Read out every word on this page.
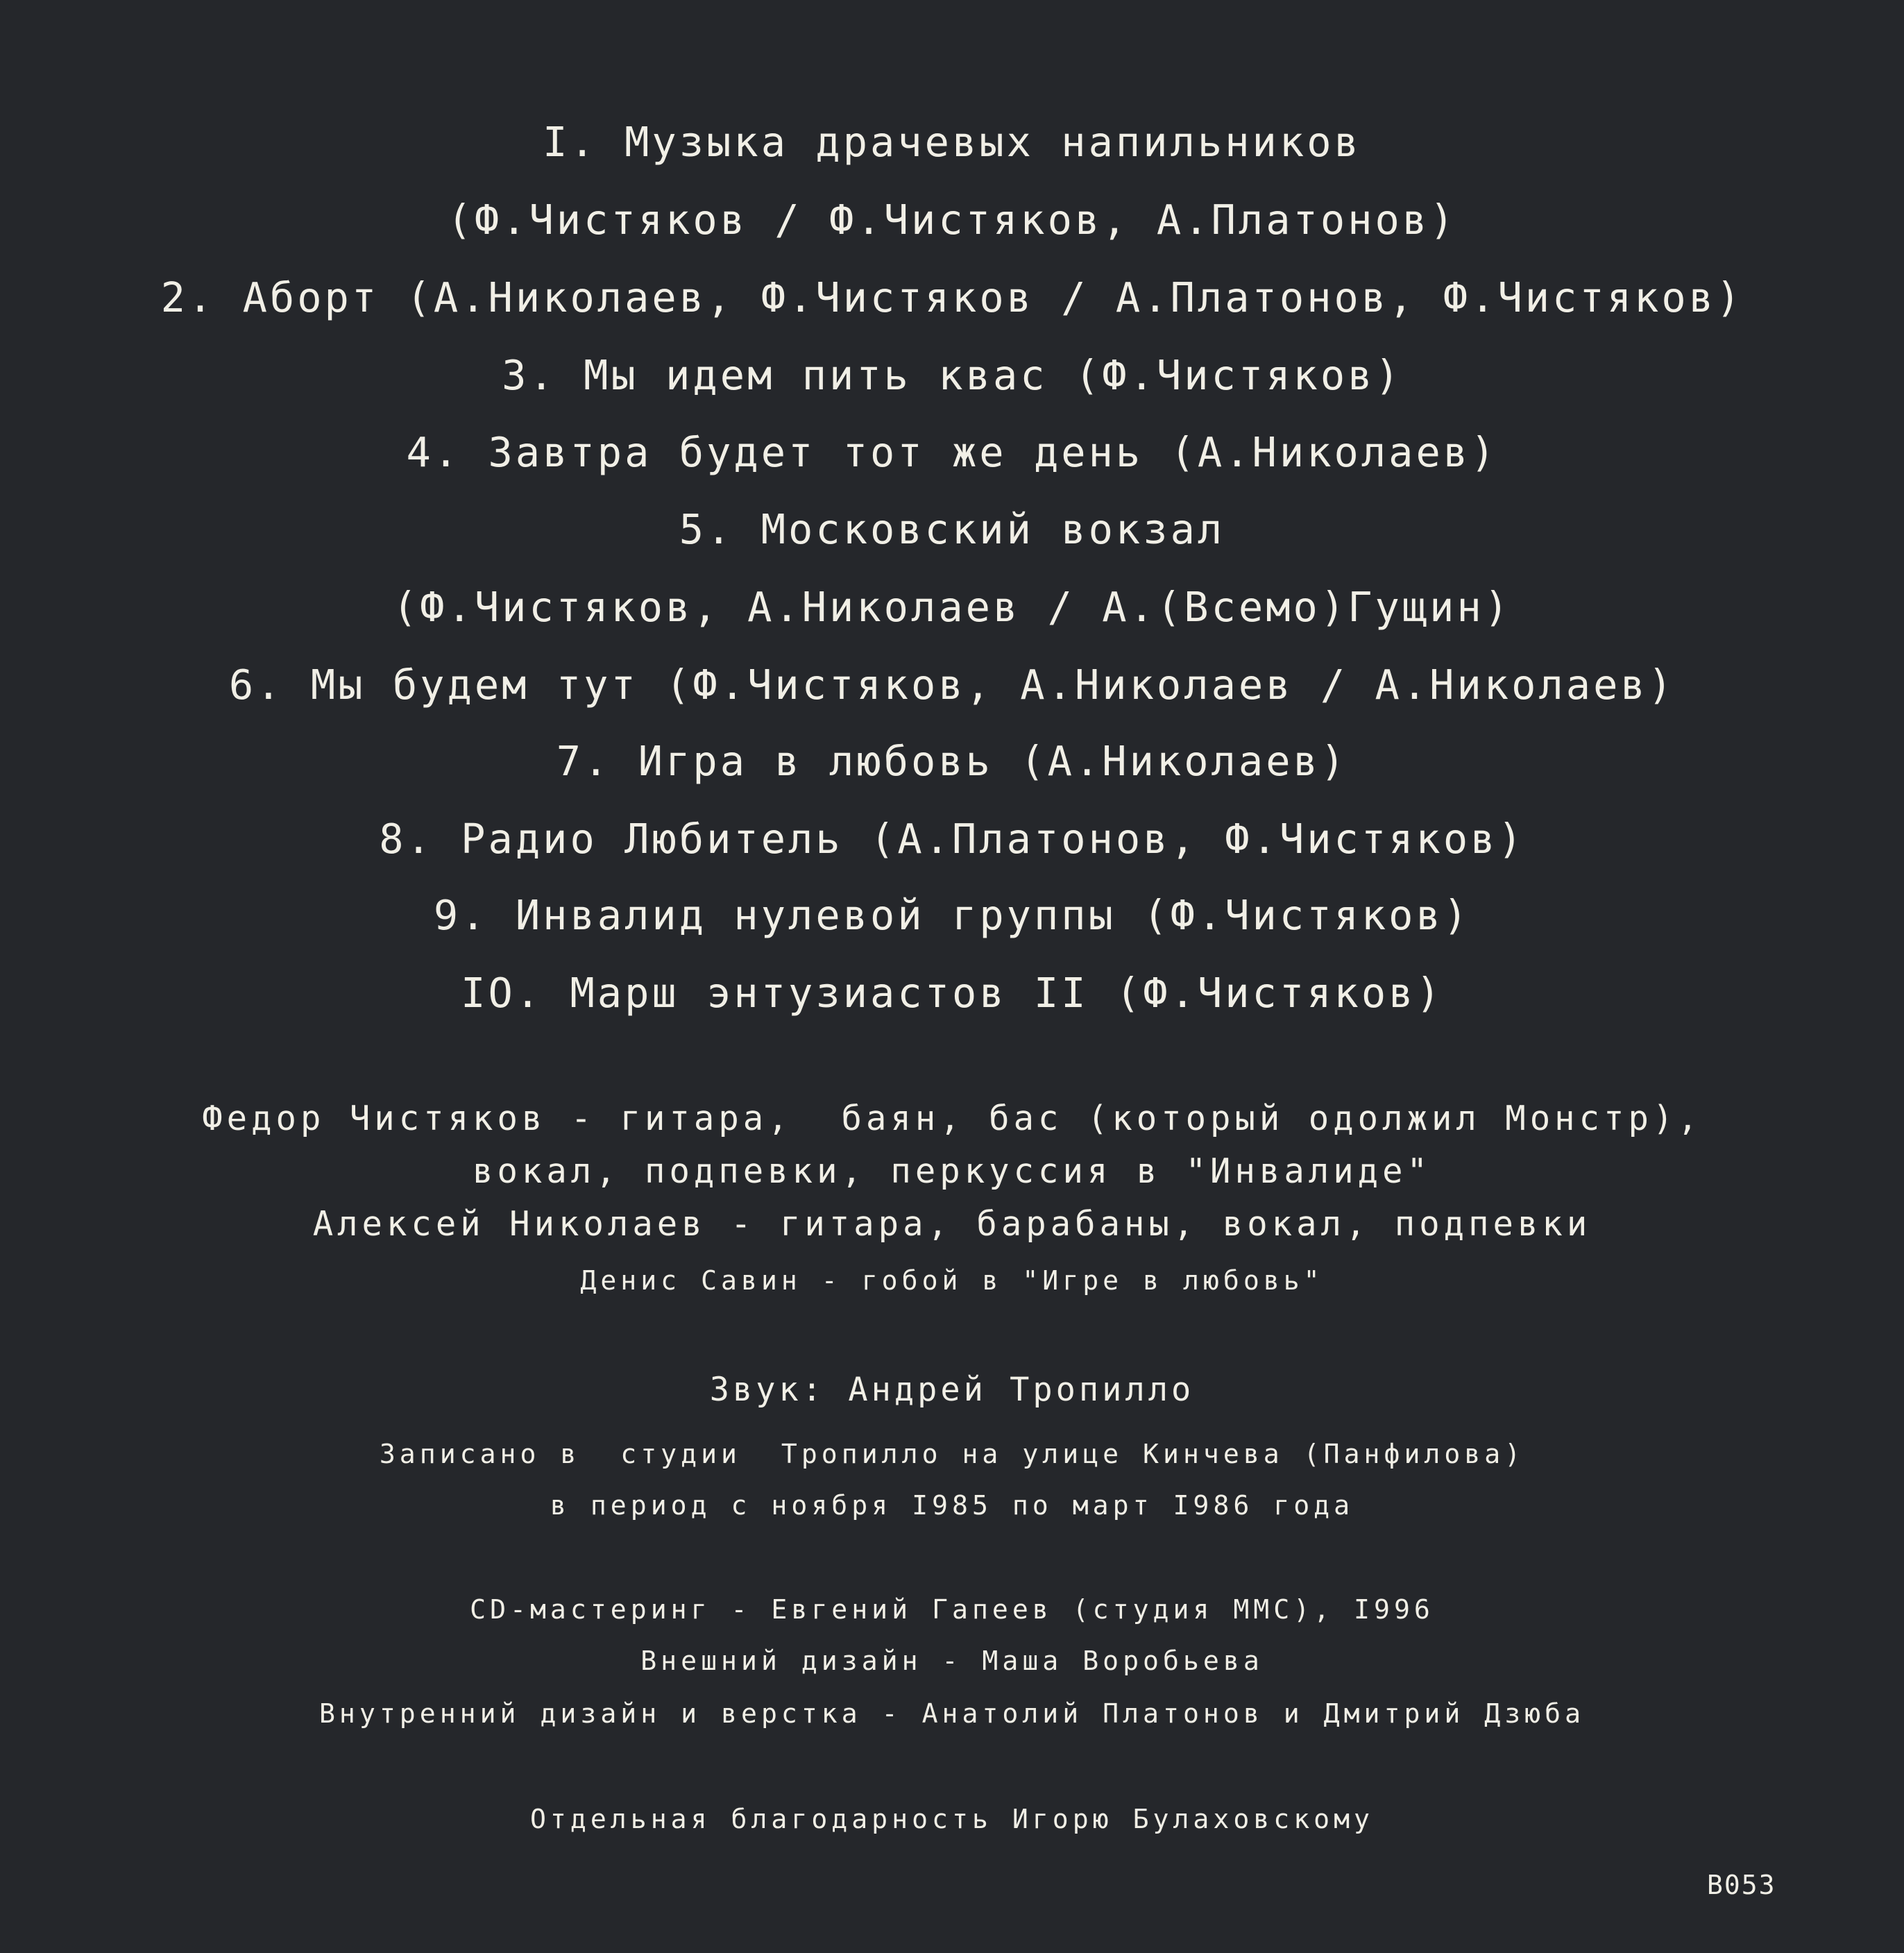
I. Музыка драчевых напильников
(Ф.Чистяков / Ф.Чистяков, А.Платонов)
2. Аборт (А.Николаев, Ф.Чистяков / А.Платонов, Ф.Чистяков)
3. Мы идем пить квас (Ф.Чистяков)
4. Завтра будет тот же день (А.Николаев)
5. Московский вокзал
(Ф.Чистяков, А.Николаев / А.(Всемо)Гущин)
6. Мы будем тут (Ф.Чистяков, А.Николаев / А.Николаев)
7. Игра в любовь (А.Николаев)
8. Радио Любитель (А.Платонов, Ф.Чистяков)
9. Инвалид нулевой группы (Ф.Чистяков)
IO. Марш энтузиастов II (Ф.Чистяков)
Федор Чистяков - гитара,  баян, бас (который одолжил Монстр),
вокал, подпевки, перкуссия в "Инвалиде"
Алексей Николаев - гитара, барабаны, вокал, подпевки
Денис Савин - гобой в "Игре в любовь"
Звук: Андрей Тропилло
Записано в  студии  Тропилло на улице Кинчева (Панфилова)
в период с ноября I985 по март I986 года
CD-мастеринг - Евгений Гапеев (студия ММС), I996
Внешний дизайн - Маша Воробьева
Внутренний дизайн и верстка - Анатолий Платонов и Дмитрий Дзюба
Отдельная благодарность Игорю Булаховскому
B053
